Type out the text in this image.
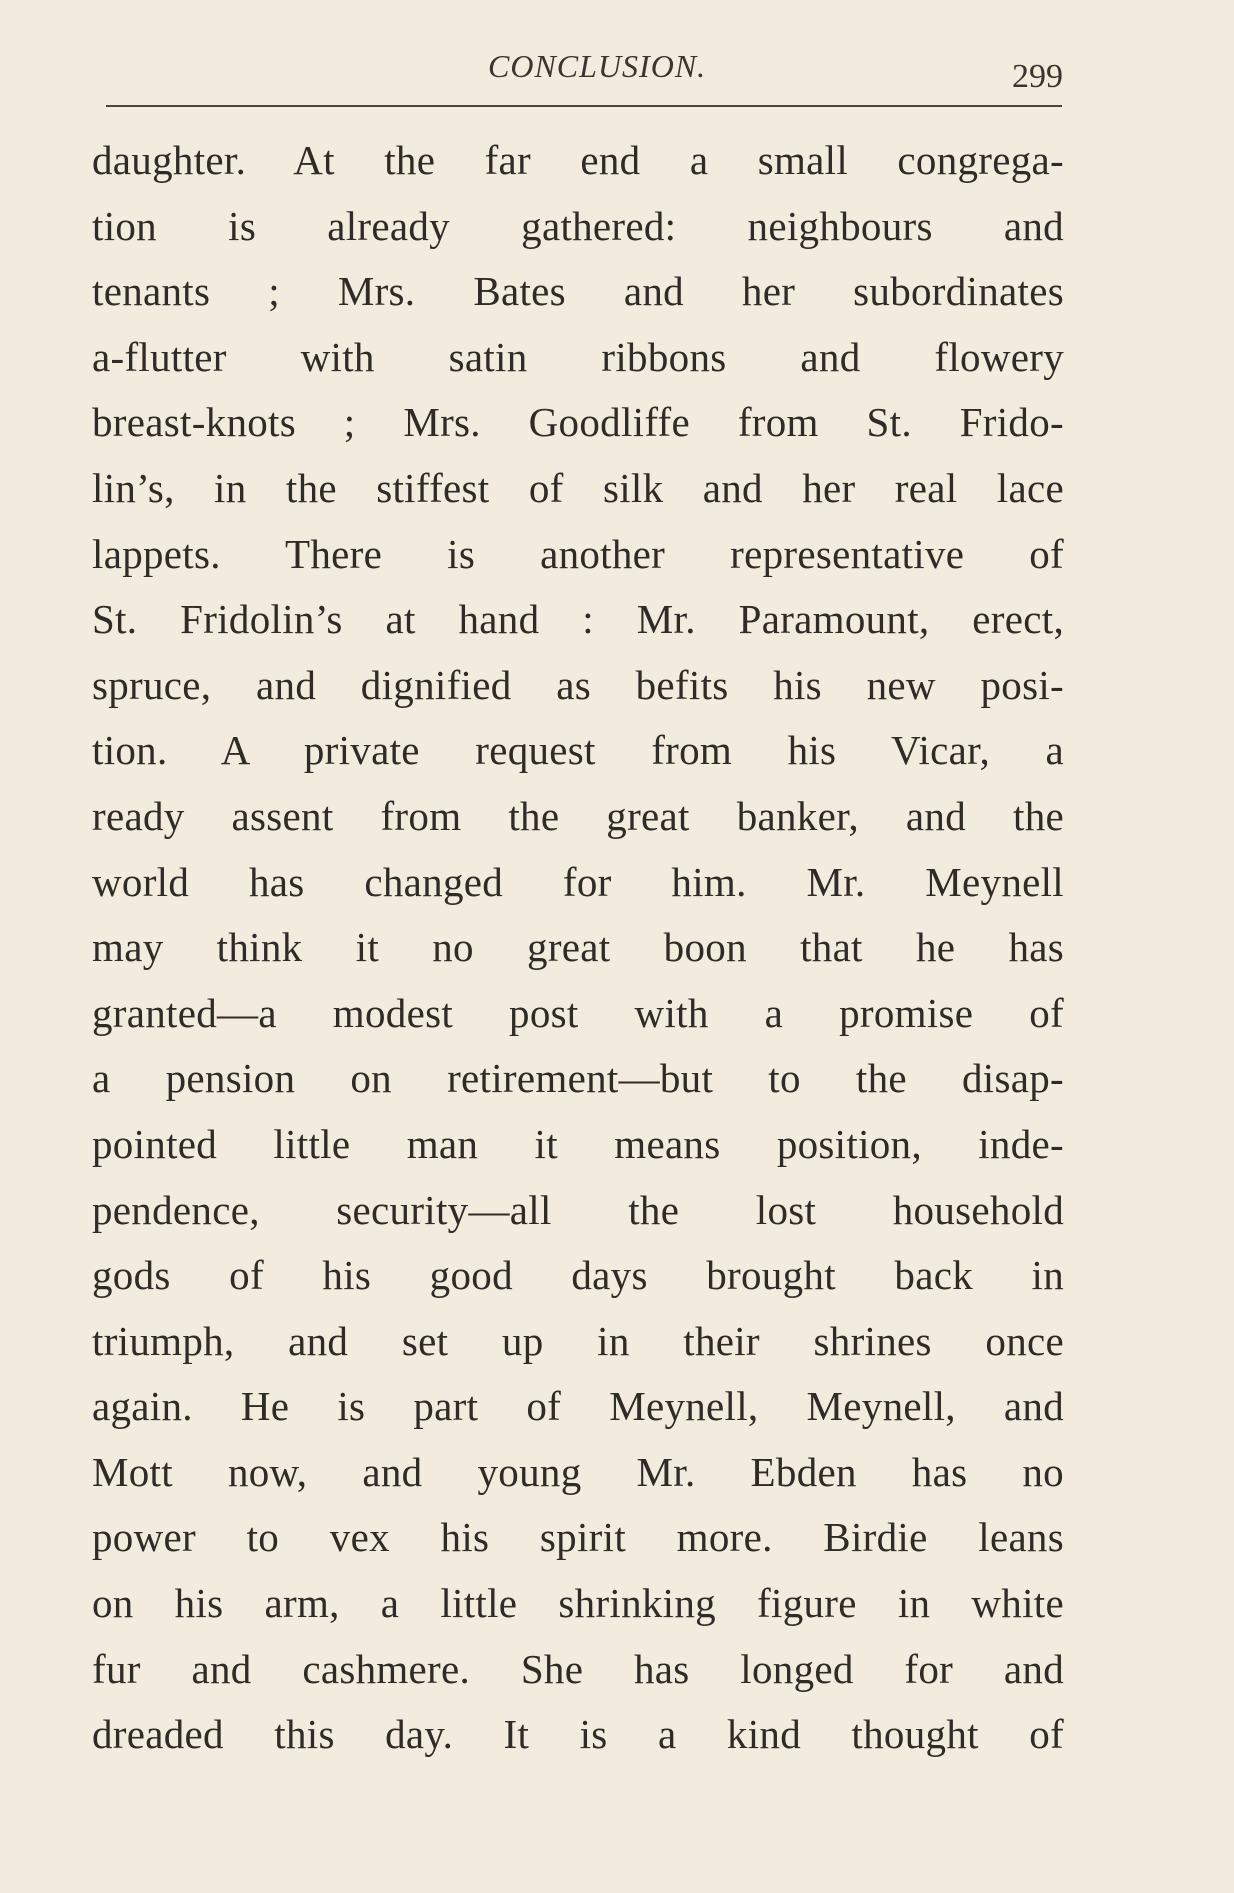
CONCLUSION.	299
daughter. At the far end a small congrega-
tion is already gathered: neighbours and
tenants ; Mrs. Bates and her subordinates
a-flutter with satin ribbons and flowery
breast-knots ; Mrs. Goodliffe from St. Frido-
lin’s, in the stiffest of silk and her real lace
lappets. There is another representative of
St. Fridolin’s at hand : Mr. Paramount, erect,
spruce, and dignified as befits his new posi-
tion. A private request from his Vicar, a
ready assent from the great banker, and the
world has changed for him. Mr. Meynell
may think it no great boon that he has
granted—a modest post with a promise of
a pension on retirement—but to the disap-
pointed little man it means position, inde-
pendence, security—all the lost household
gods of his good days brought back in
triumph, and set up in their shrines once
again. He is part of Meynell, Meynell, and
Mott now, and young Mr. Ebden has no
power to vex his spirit more. Birdie leans
on his arm, a little shrinking figure in white
fur and cashmere. She has longed for and
dreaded this day. It is a kind thought of
